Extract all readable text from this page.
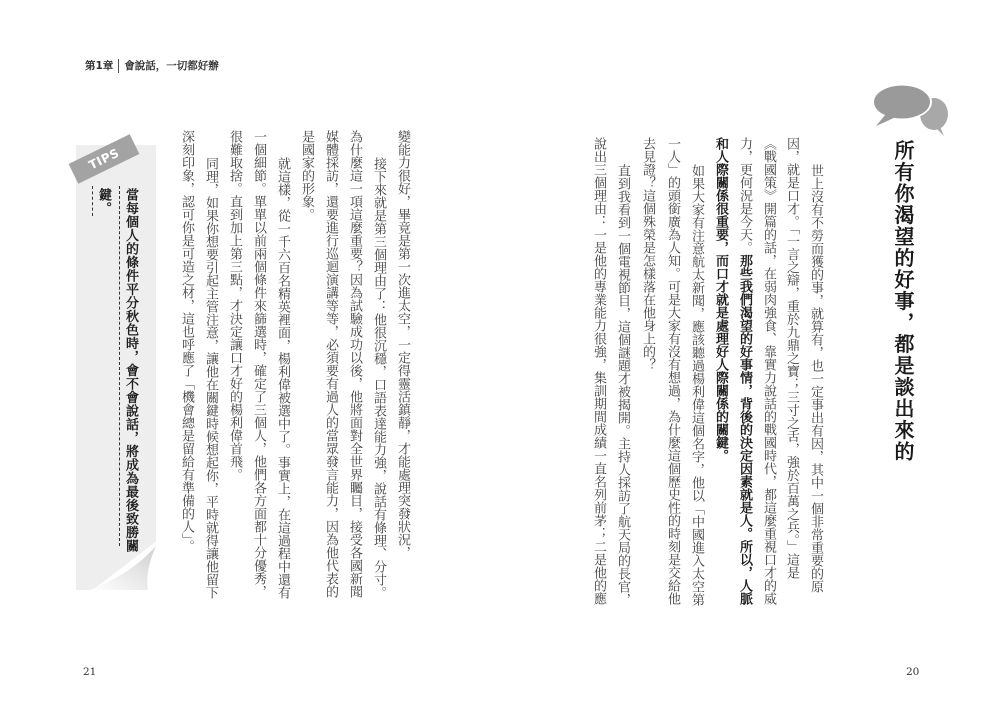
第1章 會說話，一切都好辦
TIPS
當每個人的條件平分秋色時，會不會說話，將成為最後致勝關
鍵。	變能力很好，畢竟是第一次進太空，一定得靈活鎮靜，才能處理突發狀況，
接下來就是第三個理由了：他很沉穩，口語表達能力強，說話有條理、分寸。
為什麼這一項這麼重要？因為試驗成功以後，他將面對全世界矚目，接受各國新聞
媒體採訪，還要進行巡迴演講等等，必須要有過人的當眾發言能力，因為他代表的
是國家的形象。
就這樣，從一千六百名精英裡面，楊利偉被選中了。事實上，在這過程中還有
一個細節。單單以前兩個條件來篩選時，確定了三個人，他們各方面都十分優秀，
很難取捨。直到加上第三點，才決定讓口才好的楊利偉首飛。
同理，如果你想要引起主管注意，讓他在關鍵時候想起你，平時就得讓他留下
深刻印象，認可你是可造之材，這也呼應了「機會總是留給有準備的人」。
21
所有你渴望的好事，都是談出來的
世上沒有不勞而獲的事，就算有，也一定事出有因，其中一個非常重要的原
因，就是口才。「一言之辯，重於九鼎之寶；三寸之舌，強於百萬之兵。」這是
《戰國策》開篇的話，在弱肉強食、靠實力說話的戰國時代，都這麼重視口才的威
力，更何況是今天。那些我們渴望的好事情，背後的決定因素就是人。所以，人脈
和人際關係很重要，而口才就是處理好人際關係的關鍵。
如果大家有注意航太新聞，應該聽過楊利偉這個名字，他以「中國進入太空第
一人」的頭銜廣為人知。可是大家有沒有想過，為什麼這個歷史性的時刻是交給他
去見證？這個殊榮是怎樣落在他身上的？
直到我看到一個電視節目，這個謎題才被揭開。主持人採訪了航天局的長官，
說出三個理由：一是他的專業能力很強，集訓期間成績一直名列前茅；二是他的應
20
